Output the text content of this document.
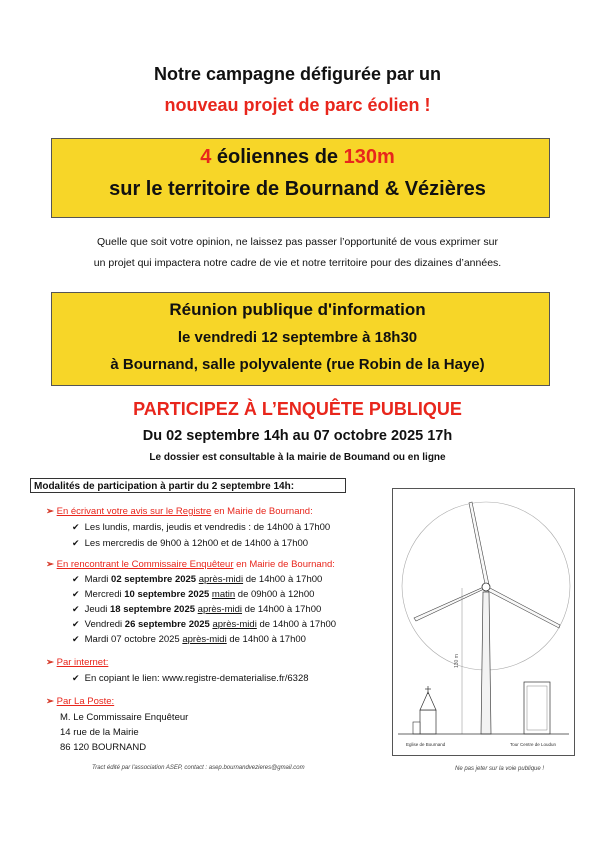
Notre campagne défigurée par un
nouveau projet de parc éolien !
4 éoliennes de 130m
sur le territoire de Bournand & Vézières
Quelle que soit votre opinion, ne laissez pas passer l’opportunité de vous exprimer sur
un projet qui impactera notre cadre de vie et notre territoire pour des dizaines d’années.
Réunion publique d'information
le vendredi 12 septembre à 18h30
à Bournand, salle polyvalente (rue Robin de la Haye)
PARTICIPEZ À L’ENQUÊTE PUBLIQUE
Du 02 septembre 14h au 07 octobre 2025 17h
Le dossier est consultable à la mairie de Boumand ou en ligne
Modalités de participation à partir du 2 septembre 14h:
➢ En écrivant votre avis sur le Registre en Mairie de Bournand:
✔ Les lundis, mardis, jeudis et vendredis : de 14h00 à 17h00
✔ Les mercredis de 9h00 à 12h00 et de 14h00 à 17h00
➢ En rencontrant le Commissaire Enquêteur en Mairie de Bournand:
✔ Mardi 02 septembre 2025 après-midi de 14h00 à 17h00
✔ Mercredi 10 septembre 2025 matin de 09h00 à 12h00
✔ Jeudi 18 septembre 2025 après-midi de 14h00 à 17h00
✔ Vendredi 26 septembre 2025 après-midi de 14h00 à 17h00
✔ Mardi 07 octobre 2025 après-midi de 14h00 à 17h00
➢ Par internet:
✔ En copiant le lien: www.registre-dematerialise.fr/6328
➢ Par La Poste:
M. Le Commissaire Enquêteur
14 rue de la Mairie
86 120 BOURNAND
130 m
Eglise de Bournand	Tour Centre de Loudun
Tract édité par l'association ASEP, contact : asep.bournandvezieres@gmail.com	Ne pas jeter sur la voie publique !
